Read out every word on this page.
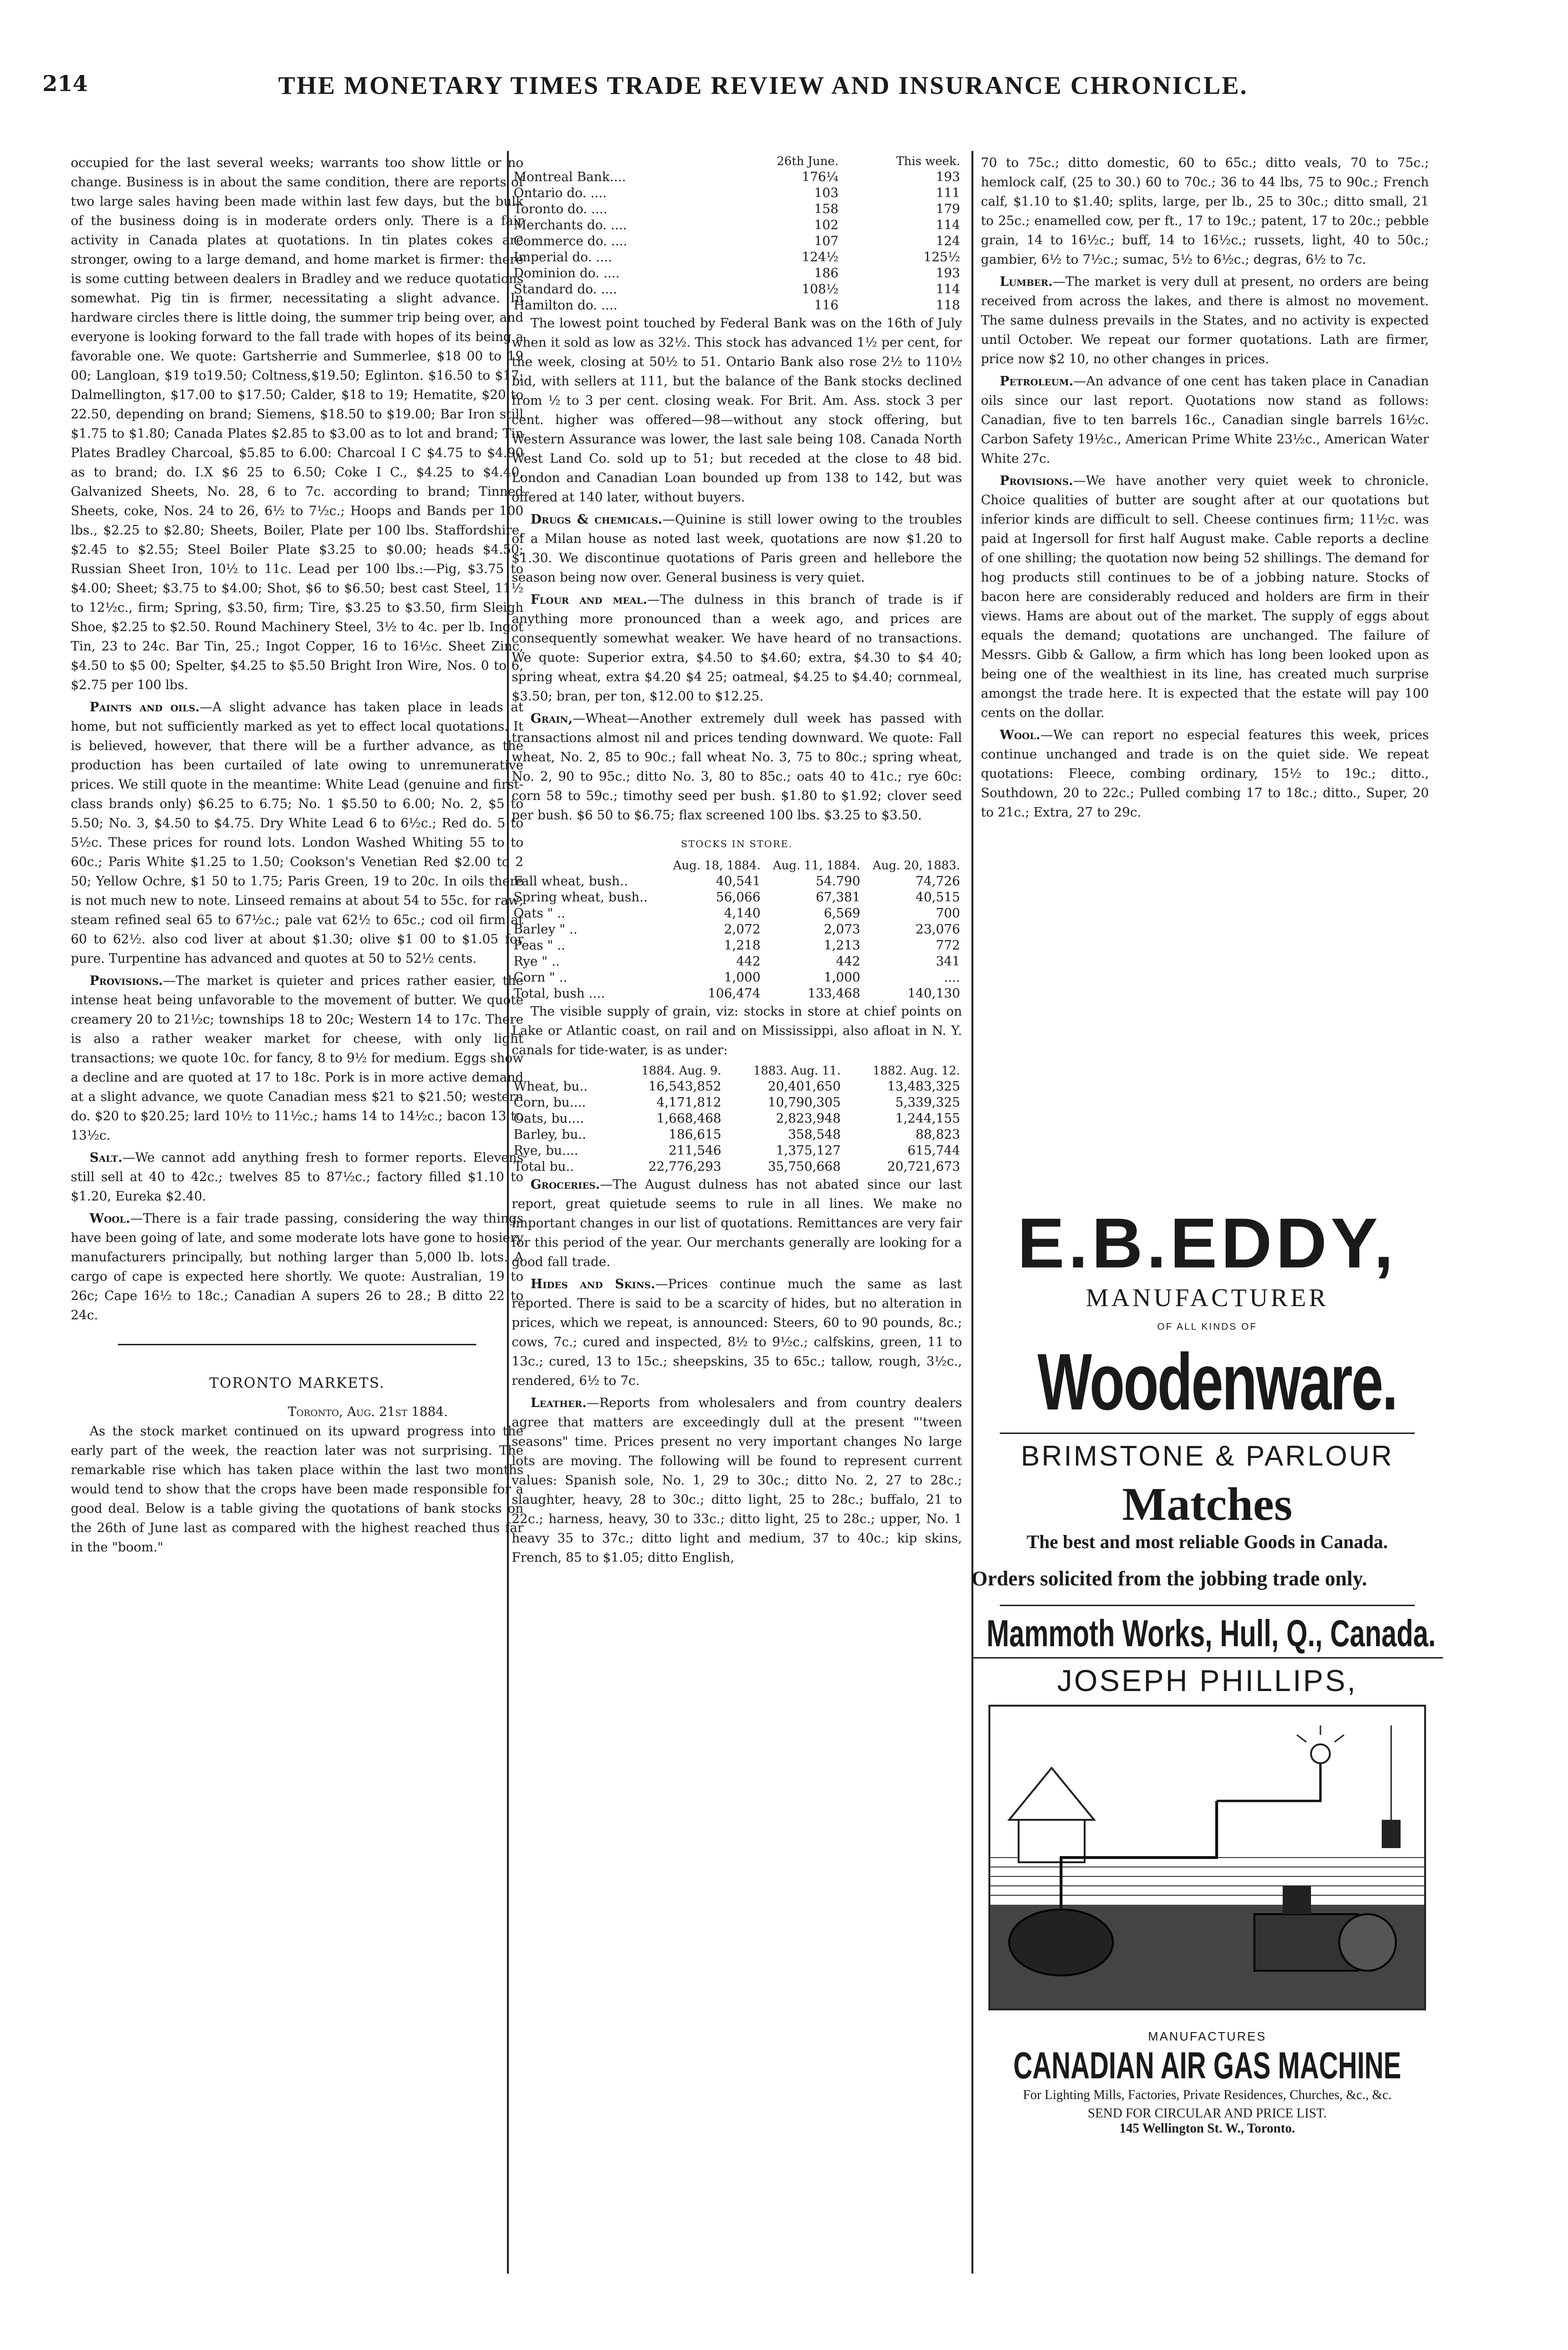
214	THE MONETARY TIMES TRADE REVIEW AND INSURANCE CHRONICLE.

occupied for the last several weeks; warrants too show little or no change. Business is in about the same condition, there are reports of two large sales having been made within last few days, but the bulk of the business doing is in moderate orders only. There is a fair activity in Canada plates at quotations. In tin plates cokes are stronger, owing to a large demand, and home market is firmer: there is some cutting between dealers in Bradley and we reduce quotations somewhat. Pig tin is firmer, necessitating a slight advance. In hardware circles there is little doing, the summer trip being over, and everyone is looking forward to the fall trade with hopes of its being a favorable one. We quote: Gartsherrie and Summerlee, $18 00 to 19 00; Langloan, $19 to19.50; Coltness,$19.50; Eglinton. $16.50 to $17; Dalmellington, $17.00 to $17.50; Calder, $18 to 19; Hematite, $20 to 22.50, depending on brand; Siemens, $18.50 to $19.00; Bar Iron still $1.75 to $1.80; Canada Plates $2.85 to $3.00 as to lot and brand; Tin Plates Bradley Charcoal, $5.85 to 6.00: Charcoal I C $4.75 to $4.90 as to brand; do. I.X $6 25 to 6.50; Coke I C., $4.25 to $4.40, Galvanized Sheets, No. 28, 6 to 7c. according to brand; Tinned Sheets, coke, Nos. 24 to 26, 6½ to 7½c.; Hoops and Bands per 100 lbs., $2.25 to $2.80; Sheets, Boiler, Plate per 100 lbs. Staffordshire, $2.45 to $2.55; Steel Boiler Plate $3.25 to $0.00; heads $4.50; Russian Sheet Iron, 10½ to 11c. Lead per 100 lbs.:—Pig, $3.75 to $4.00; Sheet; $3.75 to $4.00; Shot, $6 to $6.50; best cast Steel, 11½ to 12½c., firm; Spring, $3.50, firm; Tire, $3.25 to $3.50, firm Sleigh Shoe, $2.25 to $2.50. Round Machinery Steel, 3½ to 4c. per lb. Ingot Tin, 23 to 24c. Bar Tin, 25.; Ingot Copper, 16 to 16½c. Sheet Zinc, $4.50 to $5 00; Spelter, $4.25 to $5.50 Bright Iron Wire, Nos. 0 to 6, $2.75 per 100 lbs.

Paints and oils.—A slight advance has taken place in leads at home, but not sufficiently marked as yet to effect local quotations. It is believed, however, that there will be a further advance, as the production has been curtailed of late owing to unremunerative prices. We still quote in the meantime: White Lead (genuine and first-class brands only) $6.25 to 6.75; No. 1 $5.50 to 6.00; No. 2, $5 to 5.50; No. 3, $4.50 to $4.75. Dry White Lead 6 to 6½c.; Red do. 5 to 5½c. These prices for round lots. London Washed Whiting 55 to to 60c.; Paris White $1.25 to 1.50; Cookson's Venetian Red $2.00 to 2 50; Yellow Ochre, $1 50 to 1.75; Paris Green, 19 to 20c. In oils there is not much new to note. Linseed remains at about 54 to 55c. for raw; steam refined seal 65 to 67½c.; pale vat 62½ to 65c.; cod oil firm at 60 to 62½. also cod liver at about $1.30; olive $1 00 to $1.05 for pure. Turpentine has advanced and quotes at 50 to 52½ cents.

Provisions.—The market is quieter and prices rather easier, the intense heat being unfavorable to the movement of butter. We quote creamery 20 to 21½c; townships 18 to 20c; Western 14 to 17c. There is also a rather weaker market for cheese, with only light transactions; we quote 10c. for fancy, 8 to 9½ for medium. Eggs show a decline and are quoted at 17 to 18c. Pork is in more active demand at a slight advance, we quote Canadian mess $21 to $21.50; western do. $20 to $20.25; lard 10½ to 11½c.; hams 14 to 14½c.; bacon 13 to 13½c.

Salt.—We cannot add anything fresh to former reports. Elevens still sell at 40 to 42c.; twelves 85 to 87½c.; factory filled $1.10 to $1.20, Eureka $2.40.

Wool.—There is a fair trade passing, considering the way things have been going of late, and some moderate lots have gone to hosiery manufacturers principally, but nothing larger than 5,000 lb. lots. A cargo of cape is expected here shortly. We quote: Australian, 19 to 26c; Cape 16½ to 18c.; Canadian A supers 26 to 28.; B ditto 22 to 24c.

TORONTO MARKETS.
Toronto, Aug. 21st 1884.

As the stock market continued on its upward progress into the early part of the week, the reaction later was not surprising. The remarkable rise which has taken place within the last two months would tend to show that the crops have been made responsible for a good deal. Below is a table giving the quotations of bank stocks on the 26th of June last as compared with the highest reached thus far in the "boom."

	26th June.	This week.
Montreal Bank....	176¼	193
Ontario do. ....	103	111
Toronto do. ....	158	179
Merchants do. ....	102	114
Commerce do. ....	107	124
Imperial do. ....	124½	125½
Dominion do. ....	186	193
Standard do. ....	108½	114
Hamilton do. ....	116	118

The lowest point touched by Federal Bank was on the 16th of July when it sold as low as 32½. This stock has advanced 1½ per cent, for the week, closing at 50½ to 51. Ontario Bank also rose 2½ to 110½ bid, with sellers at 111, but the balance of the Bank stocks declined from ½ to 3 per cent. closing weak. For Brit. Am. Ass. stock 3 per cent. higher was offered—98—without any stock offering, but Western Assurance was lower, the last sale being 108. Canada North West Land Co. sold up to 51; but receded at the close to 48 bid. London and Canadian Loan bounded up from 138 to 142, but was offered at 140 later, without buyers.

Drugs & chemicals.—Quinine is still lower owing to the troubles of a Milan house as noted last week, quotations are now $1.20 to $1.30. We discontinue quotations of Paris green and hellebore the season being now over. General business is very quiet.

Flour and meal.—The dulness in this branch of trade is if anything more pronounced than a week ago, and prices are consequently somewhat weaker. We have heard of no transactions. We quote: Superior extra, $4.50 to $4.60; extra, $4.30 to $4 40; spring wheat, extra $4.20 $4 25; oatmeal, $4.25 to $4.40; cornmeal, $3.50; bran, per ton, $12.00 to $12.25.

Grain,—Wheat—Another extremely dull week has passed with transactions almost nil and prices tending downward. We quote: Fall wheat, No. 2, 85 to 90c.; fall wheat No. 3, 75 to 80c.; spring wheat, No. 2, 90 to 95c.; ditto No. 3, 80 to 85c.; oats 40 to 41c.; rye 60c: corn 58 to 59c.; timothy seed per bush. $1.80 to $1.92; clover seed per bush. $6 50 to $6.75; flax screened 100 lbs. $3.25 to $3.50.

STOCKS IN STORE.
	Aug. 18, 1884.	Aug. 11, 1884.	Aug. 20, 1883.
Fall wheat, bush..	40,541	54.790	74,726
Spring wheat, bush..	56,066	67,381	40,515
Oats " ..	4,140	6,569	700
Barley " ..	2,072	2,073	23,076
Peas " ..	1,218	1,213	772
Rye " ..	442	442	341
Corn " ..	1,000	1,000	....
Total, bush ....	106,474	133,468	140,130

The visible supply of grain, viz: stocks in store at chief points on Lake or Atlantic coast, on rail and on Mississippi, also afloat in N. Y. canals for tide-water, is as under:

	1884. Aug. 9.	1883. Aug. 11.	1882. Aug. 12.
Wheat, bu..	16,543,852	20,401,650	13,483,325
Corn, bu....	4,171,812	10,790,305	5,339,325
Oats, bu....	1,668,468	2,823,948	1,244,155
Barley, bu..	186,615	358,548	88,823
Rye, bu....	211,546	1,375,127	615,744
Total bu..	22,776,293	35,750,668	20,721,673

Groceries.—The August dulness has not abated since our last report, great quietude seems to rule in all lines. We make no important changes in our list of quotations. Remittances are very fair for this period of the year. Our merchants generally are looking for a good fall trade.

Hides and Skins.—Prices continue much the same as last reported. There is said to be a scarcity of hides, but no alteration in prices, which we repeat, is announced: Steers, 60 to 90 pounds, 8c.; cows, 7c.; cured and inspected, 8½ to 9½c.; calfskins, green, 11 to 13c.; cured, 13 to 15c.; sheepskins, 35 to 65c.; tallow, rough, 3½c., rendered, 6½ to 7c.

Leather.—Reports from wholesalers and from country dealers agree that matters are exceedingly dull at the present "'tween seasons" time. Prices present no very important changes No large lots are moving. The following will be found to represent current values: Spanish sole, No. 1, 29 to 30c.; ditto No. 2, 27 to 28c.; slaughter, heavy, 28 to 30c.; ditto light, 25 to 28c.; buffalo, 21 to 22c.; harness, heavy, 30 to 33c.; ditto light, 25 to 28c.; upper, No. 1 heavy 35 to 37c.; ditto light and medium, 37 to 40c.; kip skins, French, 85 to $1.05; ditto English,

70 to 75c.; ditto domestic, 60 to 65c.; ditto veals, 70 to 75c.; hemlock calf, (25 to 30.) 60 to 70c.; 36 to 44 lbs, 75 to 90c.; French calf, $1.10 to $1.40; splits, large, per lb., 25 to 30c.; ditto small, 21 to 25c.; enamelled cow, per ft., 17 to 19c.; patent, 17 to 20c.; pebble grain, 14 to 16½c.; buff, 14 to 16½c.; russets, light, 40 to 50c.; gambier, 6½ to 7½c.; sumac, 5½ to 6½c.; degras, 6½ to 7c.

Lumber.—The market is very dull at present, no orders are being received from across the lakes, and there is almost no movement. The same dulness prevails in the States, and no activity is expected until October. We repeat our former quotations. Lath are firmer, price now $2 10, no other changes in prices.

Petroleum.—An advance of one cent has taken place in Canadian oils since our last report. Quotations now stand as follows: Canadian, five to ten barrels 16c., Canadian single barrels 16½c. Carbon Safety 19½c., American Prime White 23½c., American Water White 27c.

Provisions.—We have another very quiet week to chronicle. Choice qualities of butter are sought after at our quotations but inferior kinds are difficult to sell. Cheese continues firm; 11½c. was paid at Ingersoll for first half August make. Cable reports a decline of one shilling; the quotation now being 52 shillings. The demand for hog products still continues to be of a jobbing nature. Stocks of bacon here are considerably reduced and holders are firm in their views. Hams are about out of the market. The supply of eggs about equals the demand; quotations are unchanged. The failure of Messrs. Gibb & Gallow, a firm which has long been looked upon as being one of the wealthiest in its line, has created much surprise amongst the trade here. It is expected that the estate will pay 100 cents on the dollar.

Wool.—We can report no especial features this week, prices continue unchanged and trade is on the quiet side. We repeat quotations: Fleece, combing ordinary, 15½ to 19c.; ditto., Southdown, 20 to 22c.; Pulled combing 17 to 18c.; ditto., Super, 20 to 21c.; Extra, 27 to 29c.

E.B.EDDY,
MANUFACTURER
OF ALL KINDS OF
Woodenware.
BRIMSTONE & PARLOUR
Matches
The best and most reliable Goods in Canada.
Orders solicited from the jobbing trade only.
Mammoth Works, Hull, Q., Canada.
JOSEPH PHILLIPS,
MANUFACTURES
CANADIAN AIR GAS MACHINE
For Lighting Mills, Factories, Private Residences, Churches, &c., &c.
SEND FOR CIRCULAR AND PRICE LIST.
145 Wellington St. W., Toronto.
